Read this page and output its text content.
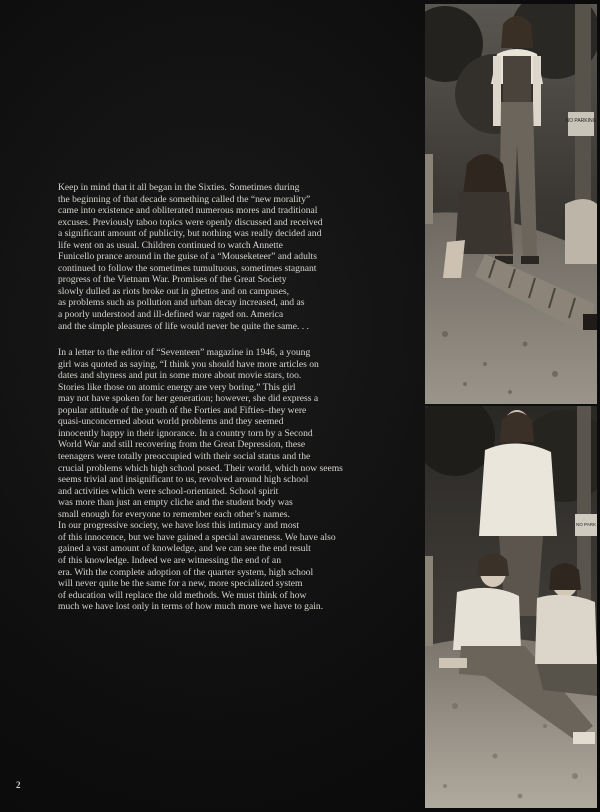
Keep in mind that it all began in the Sixties. Sometimes during
the beginning of that decade something called the “new morality”
came into existence and obliterated numerous mores and traditional
excuses. Previously taboo topics were openly discussed and received
a significant amount of publicity, but nothing was really decided and
life went on as usual. Children continued to watch Annette
Funicello prance around in the guise of a “Mouseketeer” and adults
continued to follow the sometimes tumultuous, sometimes stagnant
progress of the Vietnam War. Promises of the Great Society
slowly dulled as riots broke out in ghettos and on campuses,
as problems such as pollution and urban decay increased, and as
a poorly understood and ill-defined war raged on. America
and the simple pleasures of life would never be quite the same. . .

In a letter to the editor of “Seventeen” magazine in 1946, a young
girl was quoted as saying, “I think you should have more articles on
dates and shyness and put in some more about movie stars, too.
Stories like those on atomic energy are very boring.” This girl
may not have spoken for her generation; however, she did express a
popular attitude of the youth of the Forties and Fifties–they were
quasi-unconcerned about world problems and they seemed
innocently happy in their ignorance. In a country torn by a Second
World War and still recovering from the Great Depression, these
teenagers were totally preoccupied with their social status and the
crucial problems which high school posed. Their world, which now seems
seems trivial and insignificant to us, revolved around high school
and activities which were school-orientated. School spirit
was more than just an empty cliche and the student body was
small enough for everyone to remember each other’s names.
In our progressive society, we have lost this intimacy and most
of this innocence, but we have gained a special awareness. We have also
gained a vast amount of knowledge, and we can see the end result
of this knowledge. Indeed we are witnessing the end of an
era. With the complete adoption of the quarter system, high school
will never quite be the same for a new, more specialized system
of education will replace the old methods. We must think of how
much we have lost only in terms of how much more we have to gain.

2
NO PARKING
NO PARK
